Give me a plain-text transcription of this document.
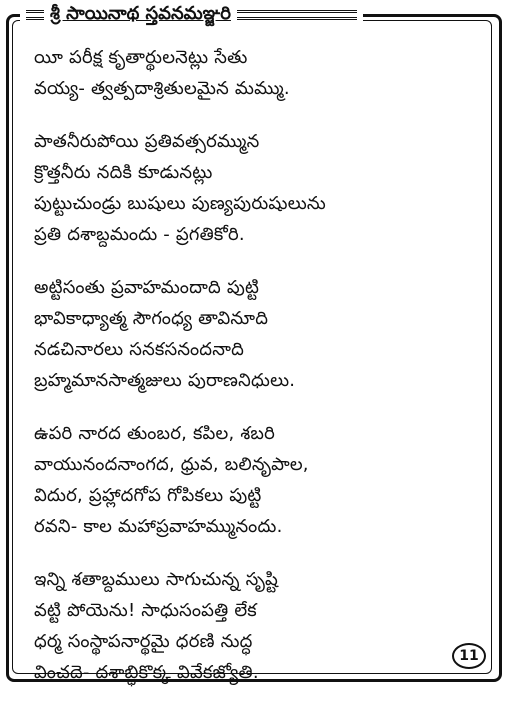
శ్రీ సాయినాథ స్తవనమఞ్జరి
యీ పరీక్ష కృతార్థులనెట్లు సేతు
వయ్య- త్వత్పదాశ్రితులమైన మమ్ము.
పాతనీరుపోయి ప్రతివత్సరమ్మున
క్రొత్తనీరు నదికి కూడునట్లు
పుట్టుచుండ్రు బుషులు పుణ్యపురుషులును
ప్రతి దశాబ్దమందు - ప్రగతికోరి.
అట్టిసంతు ప్రవాహమందాది పుట్టి
భావికాధ్యాత్మ సౌగంధ్య తావినూది
నడచినారలు సనకసనందనాది
బ్రహ్మమానసాత్మజులు పురాణనిధులు.
ఉపరి నారద తుంబర, కపిల, శబరి
వాయునందనాంగద, ధ్రువ, బలినృపాల,
విదుర, ప్రహ్లాదగోప గోపికలు పుట్టి
రవని- కాల మహాప్రవాహమ్మునందు.
ఇన్ని శతాబ్దములు సాగుచున్న సృష్టి
వట్టి పోయెను! సాధుసంపత్తి లేక
ధర్మ సంస్థాపనార్థమై ధరణి నుద్ధ
వించదె- దశాబ్ధికొక్క వివేకజ్యోతి.
11
